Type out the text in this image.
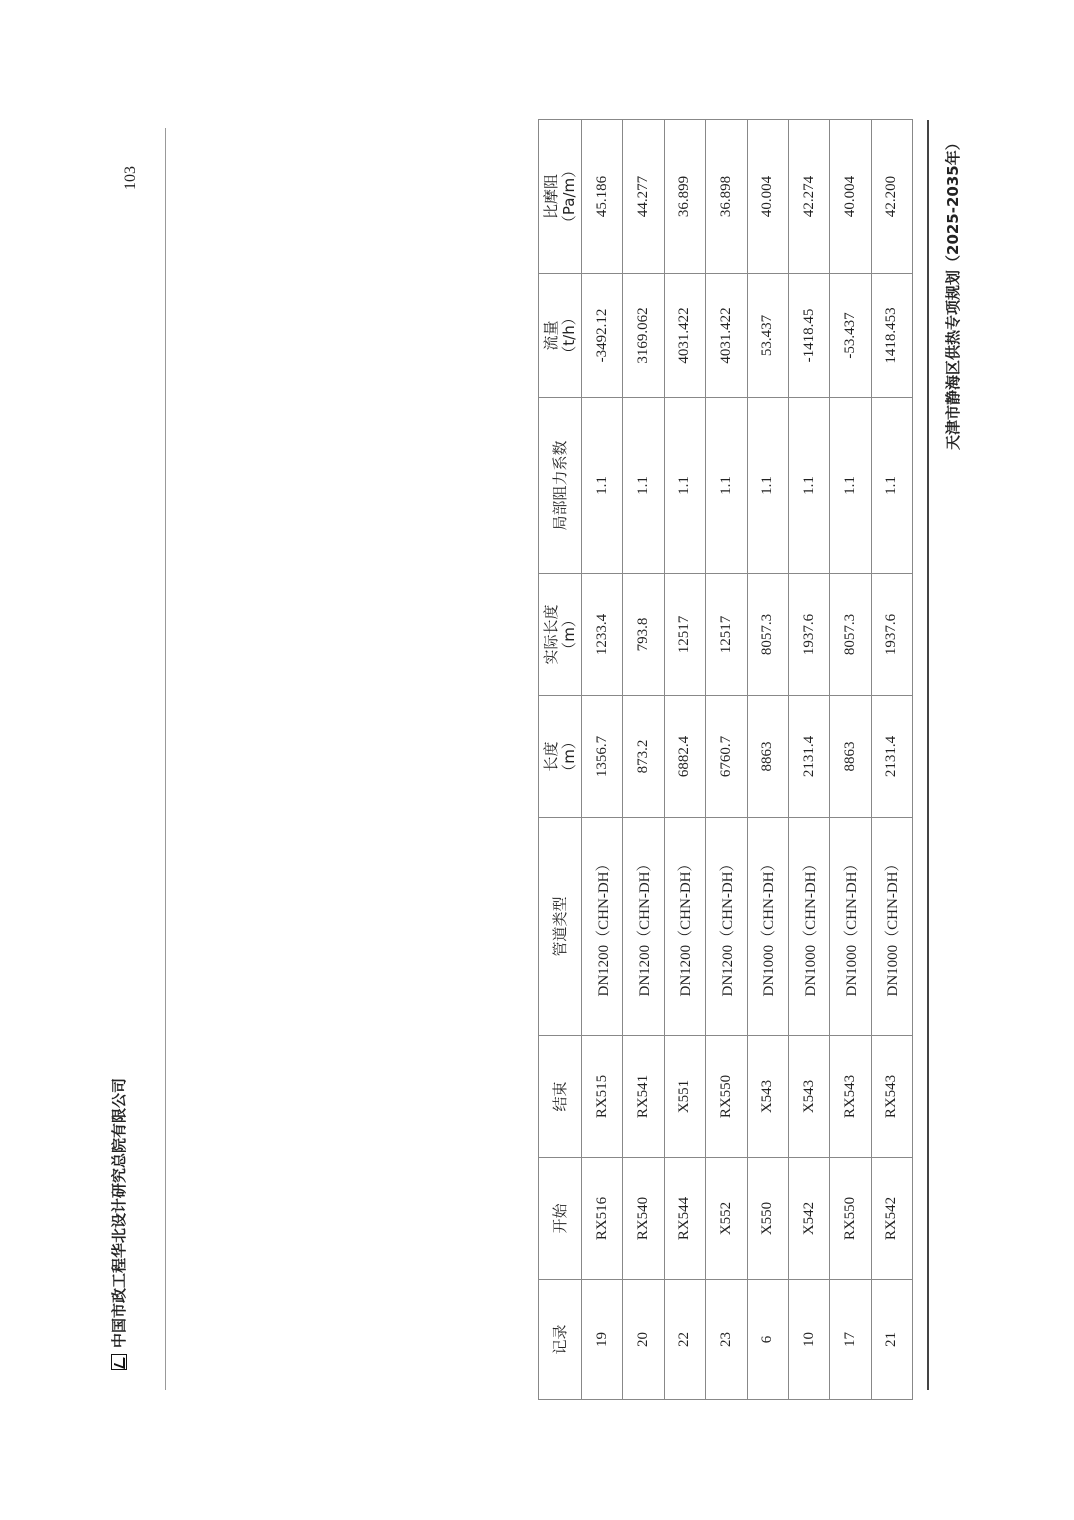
天津市静海区供热专项规划（2025-2035年）
记录	开始	结束	管道类型	长度 （m）	实际长度 （m）	局部阻力系数	流量 （t/h）	比摩阻 （Pa/m）

19	RX516	RX515	DN1200（CHN-DH）	1356.7	1233.4	1.1	-3492.12	45.186
20	RX540	RX541	DN1200（CHN-DH）	873.2	793.8	1.1	3169.062	44.277
22	RX544	X551	DN1200（CHN-DH）	6882.4	12517	1.1	4031.422	36.899
23	X552	RX550	DN1200（CHN-DH）	6760.7	12517	1.1	4031.422	36.898
6	X550	X543	DN1000（CHN-DH）	8863	8057.3	1.1	53.437	40.004
10	X542	X543	DN1000（CHN-DH）	2131.4	1937.6	1.1	-1418.45	42.274
17	RX550	RX543	DN1000（CHN-DH）	8863	8057.3	1.1	-53.437	40.004
21	RX542	RX543	DN1000（CHN-DH）	2131.4	1937.6	1.1	1418.453	42.200
中国市政工程华北设计研究总院有限公司
103
